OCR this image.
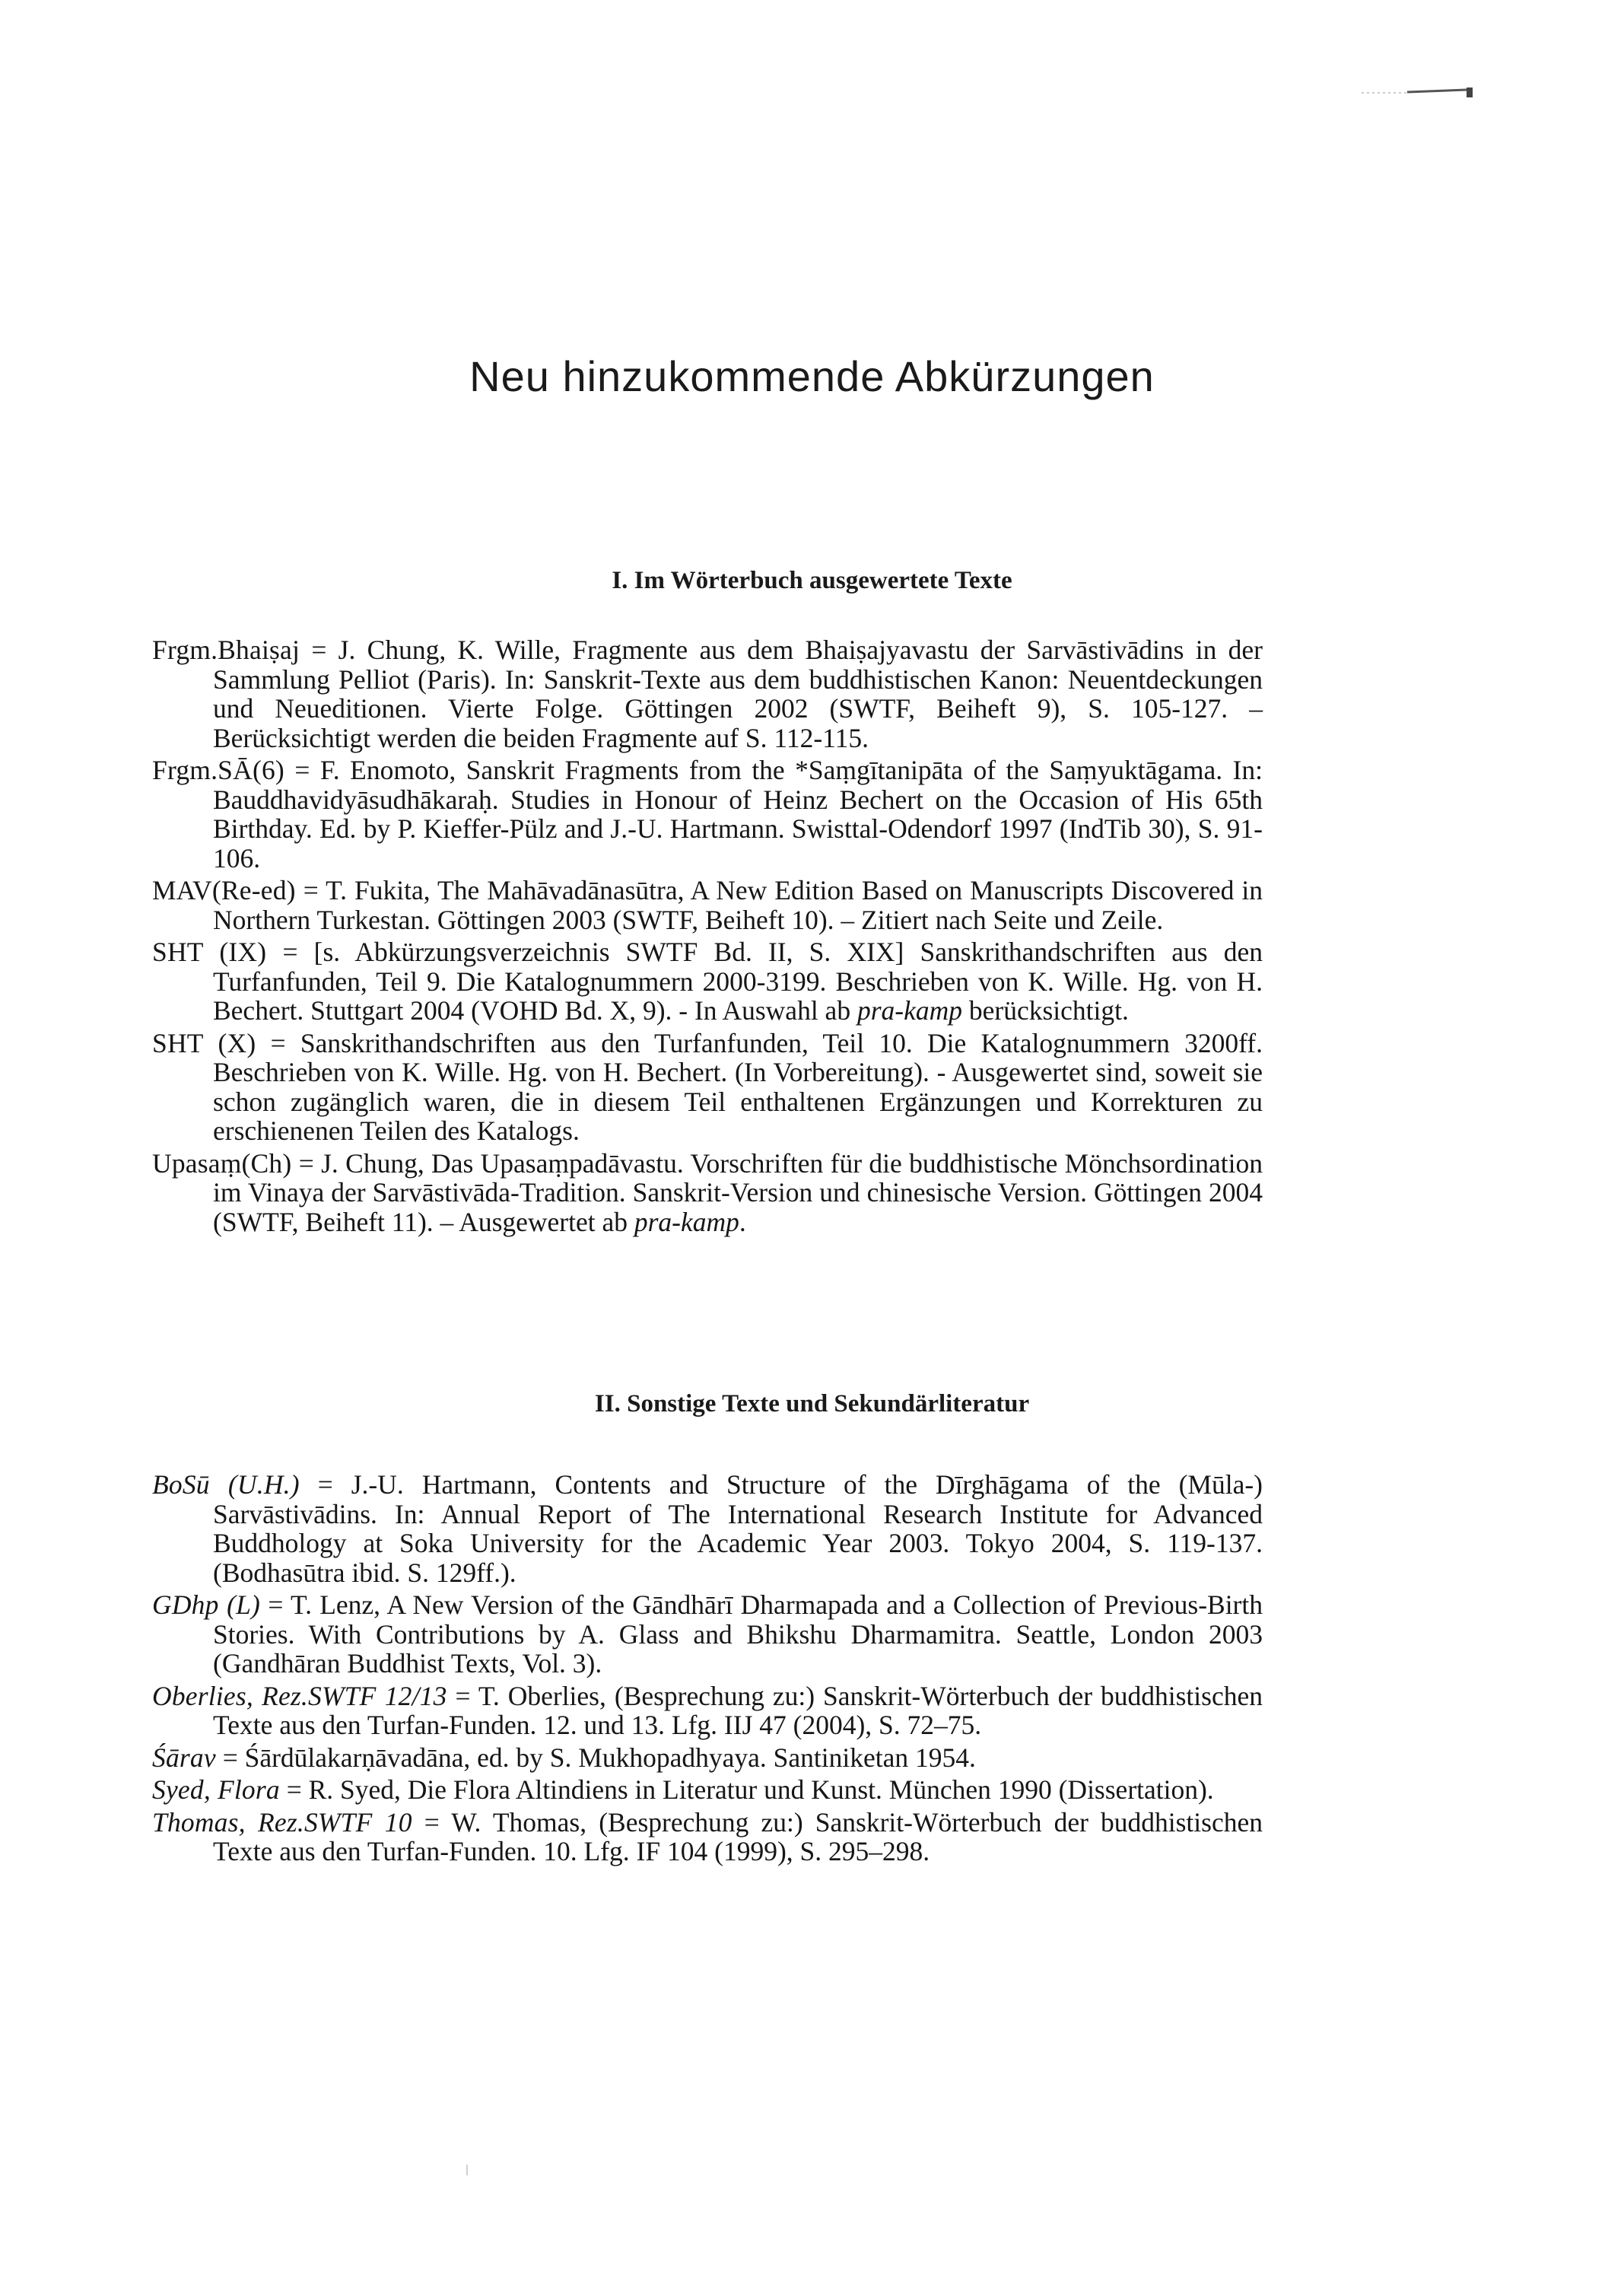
Neu hinzukommende Abkürzungen
I. Im Wörterbuch ausgewertete Texte

Frgm.Bhaiṣaj = J. Chung, K. Wille, Fragmente aus dem Bhaiṣajyavastu der Sarvāstivādins in der Sammlung Pelliot (Paris). In: Sanskrit-Texte aus dem buddhistischen Kanon: Neuentdeckungen und Neueditionen. Vierte Folge. Göttingen 2002 (SWTF, Beiheft 9), S. 105-127. – Berücksichtigt werden die beiden Fragmente auf S. 112-115.

Frgm.SĀ(6) = F. Enomoto, Sanskrit Fragments from the *Saṃgītanipāta of the Saṃyuktāgama. In: Bauddhavidyāsudhākaraḥ. Studies in Honour of Heinz Bechert on the Occasion of His 65th Birthday. Ed. by P. Kieffer-Pülz and J.-U. Hartmann. Swisttal-Odendorf 1997 (IndTib 30), S. 91-106.

MAV(Re-ed) = T. Fukita, The Mahāvadānasūtra, A New Edition Based on Manuscripts Discovered in Northern Turkestan. Göttingen 2003 (SWTF, Beiheft 10). – Zitiert nach Seite und Zeile.

SHT (IX) = [s. Abkürzungsverzeichnis SWTF Bd. II, S. XIX] Sanskrithandschriften aus den Turfanfunden, Teil 9. Die Katalognummern 2000-3199. Beschrieben von K. Wille. Hg. von H. Bechert. Stuttgart 2004 (VOHD Bd. X, 9). - In Auswahl ab pra-kamp berücksichtigt.

SHT (X) = Sanskrithandschriften aus den Turfanfunden, Teil 10. Die Katalognummern 3200ff. Beschrieben von K. Wille. Hg. von H. Bechert. (In Vorbereitung). - Ausgewertet sind, soweit sie schon zugänglich waren, die in diesem Teil enthaltenen Ergänzungen und Korrekturen zu erschienenen Teilen des Katalogs.

Upasaṃ(Ch) = J. Chung, Das Upasaṃpadāvastu. Vorschriften für die buddhistische Mönchsordination im Vinaya der Sarvāstivāda-Tradition. Sanskrit-Version und chinesische Version. Göttingen 2004 (SWTF, Beiheft 11). – Ausgewertet ab pra-kamp.

II. Sonstige Texte und Sekundärliteratur

BoSū (U.H.) = J.-U. Hartmann, Contents and Structure of the Dīrghāgama of the (Mūla-) Sarvāstivādins. In: Annual Report of The International Research Institute for Advanced Buddhology at Soka University for the Academic Year 2003. Tokyo 2004, S. 119-137. (Bodhasūtra ibid. S. 129ff.).

GDhp (L) = T. Lenz, A New Version of the Gāndhārī Dharmapada and a Collection of Previous-Birth Stories. With Contributions by A. Glass and Bhikshu Dharmamitra. Seattle, London 2003 (Gandhāran Buddhist Texts, Vol. 3).

Oberlies, Rez.SWTF 12/13 = T. Oberlies, (Besprechung zu:) Sanskrit-Wörterbuch der buddhistischen Texte aus den Turfan-Funden. 12. und 13. Lfg. IIJ 47 (2004), S. 72–75.

Śārav = Śārdūlakarṇāvadāna, ed. by S. Mukhopadhyaya. Santiniketan 1954.

Syed, Flora = R. Syed, Die Flora Altindiens in Literatur und Kunst. München 1990 (Dissertation).

Thomas, Rez.SWTF 10 = W. Thomas, (Besprechung zu:) Sanskrit-Wörterbuch der buddhistischen Texte aus den Turfan-Funden. 10. Lfg. IF 104 (1999), S. 295–298.
